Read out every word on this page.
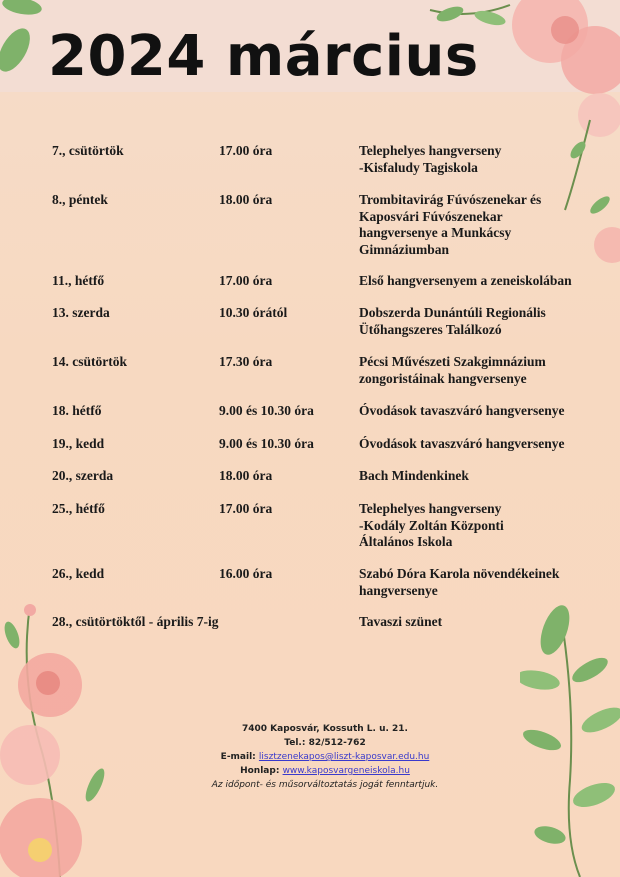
2024 március
7., csütörtök	17.00 óra	Telephelyes hangverseny
-Kisfaludy Tagiskola
8., péntek	18.00 óra	Trombitavirág Fúvószenekar és
Kaposvári Fúvószenekar
hangversenye a Munkácsy
Gimnáziumban
11., hétfő	17.00 óra	Első hangversenyem a zeneiskolában
13. szerda	10.30 órától	Dobszerda Dunántúli Regionális
Ütőhangszeres Találkozó
14. csütörtök	17.30 óra	Pécsi Művészeti Szakgimnázium
zongoristáinak hangversenye
18. hétfő	9.00 és 10.30 óra	Óvodások tavaszváró hangversenye
19., kedd	9.00 és 10.30 óra	Óvodások tavaszváró hangversenye
20., szerda	18.00 óra	Bach Mindenkinek
25., hétfő	17.00 óra	Telephelyes hangverseny
-Kodály Zoltán Központi
Általános Iskola
26., kedd	16.00 óra	Szabó Dóra Karola növendékeinek
hangversenye
28., csütörtöktől - április 7-ig	Tavaszi szünet
7400 Kaposvár, Kossuth L. u. 21.
Tel.: 82/512-762
E-mail: lisztzenekapos@liszt-kaposvar.edu.hu
Honlap: www.kaposvargeneiskola.hu
Az időpont- és műsorváltoztatás jogát fenntartjuk.
